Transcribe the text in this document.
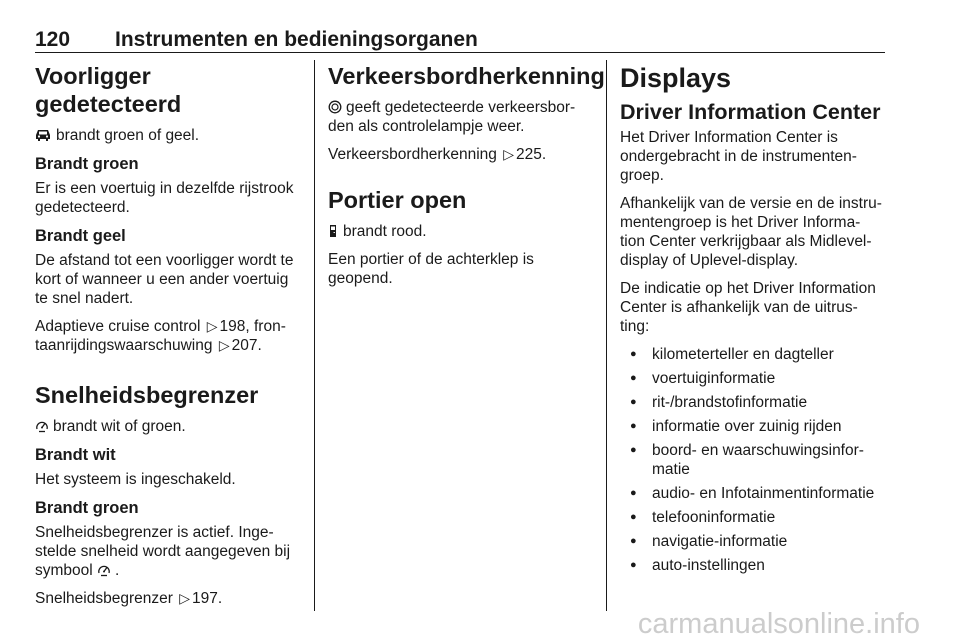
120 Instrumenten en bedieningsorganen
Voorligger gedetecteerd
brandt groen of geel.
Brandt groen
Er is een voertuig in dezelfde rijstrook
gedetecteerd.
Brandt geel
De afstand tot een voorligger wordt te
kort of wanneer u een ander voertuig
te snel nadert.
Adaptieve cruise control ▷ 198, fron-
taanrijdingswaarschuwing ▷ 207.
Snelheidsbegrenzer
brandt wit of groen.
Brandt wit
Het systeem is ingeschakeld.
Brandt groen
Snelheidsbegrenzer is actief. Inge-
stelde snelheid wordt aangegeven bij
symbool .
Snelheidsbegrenzer ▷ 197.
Verkeersbordherkenning
geeft gedetecteerde verkeersbor-
den als controlelampje weer.
Verkeersbordherkenning ▷ 225.
Portier open
brandt rood.
Een portier of de achterklep is
geopend.
Displays
Driver Information Center
Het Driver Information Center is
ondergebracht in de instrumenten-
groep.
Afhankelijk van de versie en de instru-
mentengroep is het Driver Informa-
tion Center verkrijgbaar als Midlevel-
display of Uplevel-display.
De indicatie op het Driver Information
Center is afhankelijk van de uitrus-
ting:
● kilometerteller en dagteller
● voertuiginformatie
● rit-/brandstofinformatie
● informatie over zuinig rijden
● boord- en waarschuwingsinfor-
matie
● audio- en Infotainmentinformatie
● telefooninformatie
● navigatie-informatie
● auto-instellingen
carmanualsonline.info
